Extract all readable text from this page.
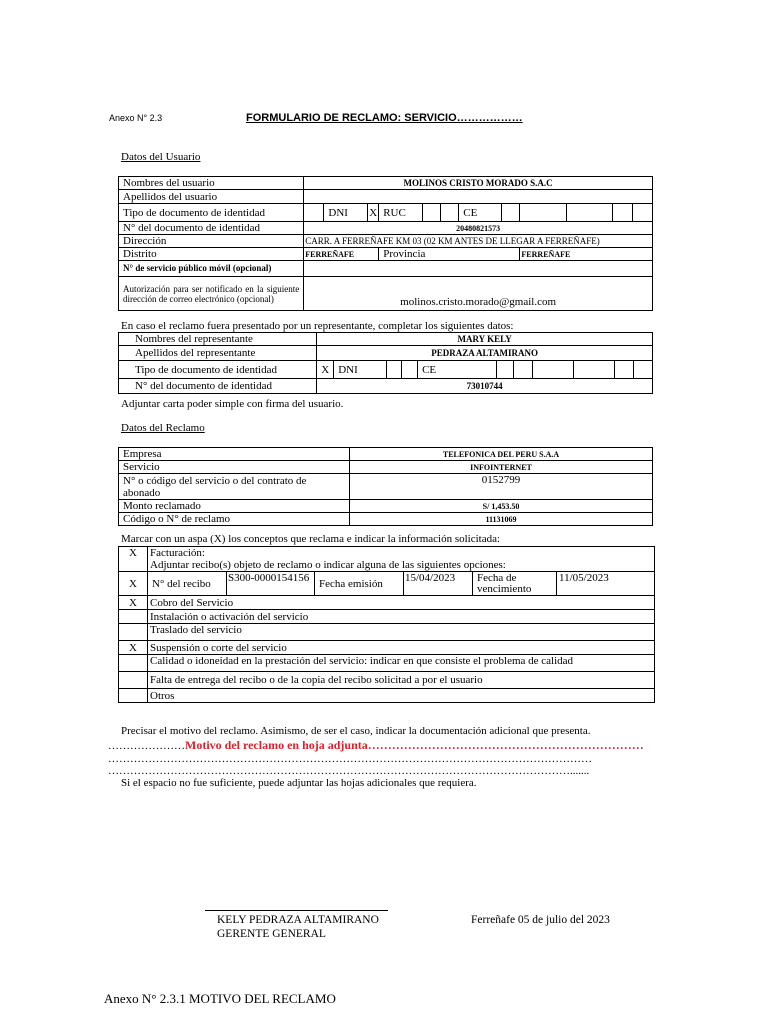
Anexo N° 2.3	FORMULARIO DE RECLAMO: SERVICIO………………
Datos del Usuario
Nombres del usuario	MOLINOS CRISTO MORADO S.A.C											
Apellidos del usuario												
Tipo de documento de identidad		DNI	X	RUC			CE					
N° del documento de identidad	20480821573											
Dirección	CARR. A FERREÑAFE KM 03 (02 KM ANTES DE LLEGAR A FERREÑAFE)											
Distrito	FERREÑAFE			Provincia					FERREÑAFE			
N° de servicio público móvil (opcional)												
Autorización para ser notificado en la siguiente dirección de correo electrónico (opcional)	molinos.cristo.morado@gmail.com											
En caso el reclamo fuera presentado por un representante, completar los siguientes datos:
Nombres del representante	MARY KELY										
Apellidos del representante	PEDRAZA ALTAMIRANO										
Tipo de documento de identidad	X	DNI			CE						
N° del documento de identidad	73010744										
Adjuntar carta poder simple con firma del usuario.
Datos del Reclamo
Empresa	TELEFONICA DEL PERU S.A.A
Servicio	INFOINTERNET
N° o código del servicio o del contrato de abonado	0152799
Monto reclamado	S/ 1,453.50
Código o N° de reclamo	11131069
Marcar con un aspa (X) los conceptos que reclama e indicar la información solicitada:
X	Facturación:
Adjuntar recibo(s) objeto de reclamo o indicar alguna de las siguientes opciones:					

X	N° del recibo	S300-0000154156	Fecha emisión	15/04/2023	Fecha de vencimiento	11/05/2023
X	Cobro del Servicio					
	Instalación o activación del servicio					
	Traslado del servicio					
X	Suspensión o corte del servicio					
	Calidad o idoneidad en la prestación del servicio: indicar en que consiste el problema de calidad					
	Falta de entrega del recibo o de la copia del recibo solicitad a por el usuario					
	Otros					
Precisar el motivo del reclamo. Asimismo, de ser el caso, indicar la documentación adicional que presenta.
…………………Motivo del reclamo en hoja adjunta……………………………………………………………
……………………………………………………………………………………………………………………
……………………………………………………………………………………………………………….......
Si el espacio no fue suficiente, puede adjuntar las hojas adicionales que requiera.
KELY PEDRAZA ALTAMIRANO
GERENTE GENERAL
Ferreñafe 05 de julio del 2023
Anexo N° 2.3.1 MOTIVO DEL RECLAMO
